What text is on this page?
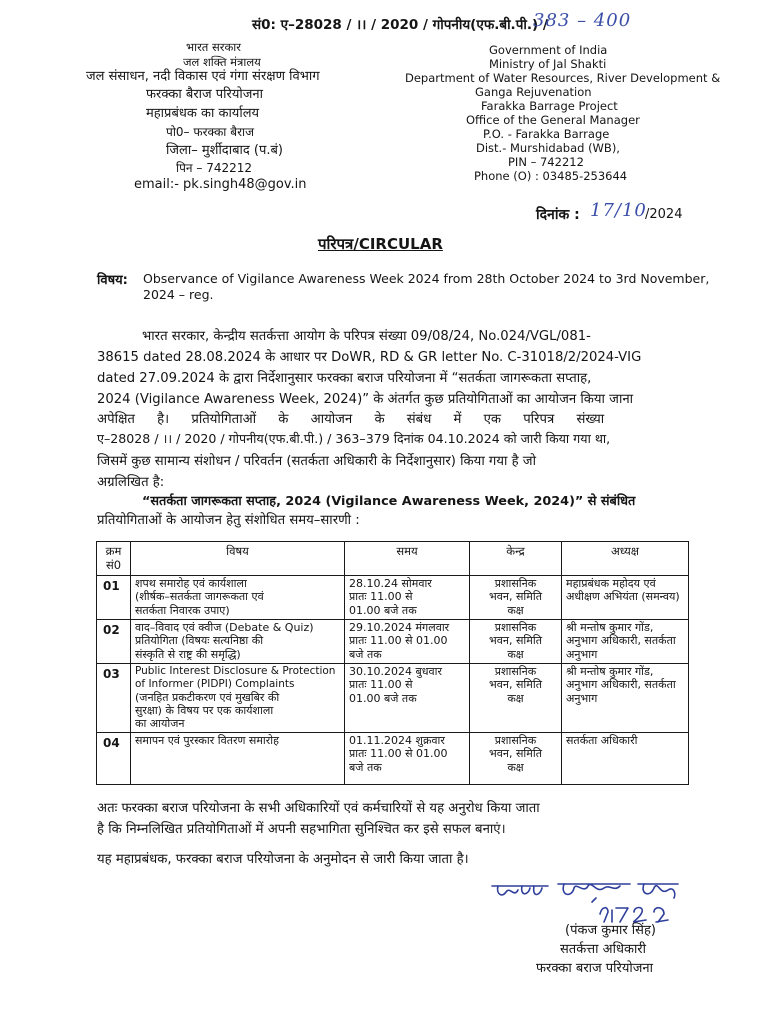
सं0: ए–28028 / ।। / 2020 / गोपनीय(एफ.बी.पी.) /
383 – 400
भारत सरकार
जल शक्ति मंत्रालय
जल संसाधन, नदी विकास एवं गंगा संरक्षण विभाग
फरक्का बैराज परियोजना
महाप्रबंधक का कार्यालय
पो0– फरक्का बैराज
जिला– मुर्शीदाबाद (प.बं)
पिन – 742212
email:- pk.singh48@gov.in
Government of India
Ministry of Jal Shakti
Department of Water Resources, River Development &
Ganga Rejuvenation
Farakka Barrage Project
Office of the General Manager
P.O. - Farakka Barrage
Dist.- Murshidabad (WB),
PIN – 742212
Phone (O) : 03485-253644
दिनांक : 17/10
/2024
परिपत्र/CIRCULAR
विषय: Observance of Vigilance Awareness Week 2024 from 28th October 2024 to 3rd November,
2024 – reg.
भारत सरकार, केन्द्रीय सतर्कत्ता आयोग के परिपत्र संख्या 09/08/24, No.024/VGL/081-
38615 dated 28.08.2024 के आधार पर DoWR, RD & GR letter No. C-31018/2/2024-VIG
dated 27.09.2024 के द्वारा निर्देशानुसार फरक्का बराज परियोजना में “सतर्कता जागरूकता सप्ताह,
2024 (Vigilance Awareness Week, 2024)” के अंतर्गत कुछ प्रतियोगिताओं का आयोजन किया जाना
अपेक्षित है। प्रतियोगिताओं के आयोजन के संबंध में एक परिपत्र संख्या
ए–28028 / ।। / 2020 / गोपनीय(एफ.बी.पी.) / 363–379 दिनांक 04.10.2024 को जारी किया गया था,
जिसमें कुछ सामान्य संशोधन / परिवर्तन (सतर्कता अधिकारी के निर्देशानुसार) किया गया है जो
अग्रलिखित है:
“सतर्कता जागरूकता सप्ताह, 2024 (Vigilance Awareness Week, 2024)” से संबंधित
प्रतियोगिताओं के आयोजन हेतु संशोधित समय–सारणी :
क्रम सं0	विषय	समय	केन्द्र	अध्यक्ष
01	शपथ समारोह एवं कार्यशाला
(शीर्षक–सतर्कता जागरूकता एवं
सतर्कता निवारक उपाए)	28.10.24 सोमवार
प्रातः 11.00 से
01.00 बजे तक	प्रशासनिक
भवन, समिति
कक्ष	महाप्रबंधक महोदय एवं
अधीक्षण अभियंता (समन्वय)

02	वाद–विवाद एवं क्वीज (Debate & Quiz)
प्रतियोगिता (विषयः सत्यनिष्ठा की
संस्कृति से राष्ट्र की समृद्धि)	29.10.2024 मंगलवार
प्रातः 11.00 से 01.00
बजे तक	प्रशासनिक
भवन, समिति
कक्ष	श्री मन्तोष कुमार गोंड,
अनुभाग अधिकारी, सतर्कता
अनुभाग

03	Public Interest Disclosure & Protection
of Informer (PIDPI) Complaints
(जनहित प्रकटीकरण एवं मुखबिर की
सुरक्षा) के विषय पर एक कार्यशाला
का आयोजन	30.10.2024 बुधवार
प्रातः 11.00 से
01.00 बजे तक	प्रशासनिक
भवन, समिति
कक्ष	श्री मन्तोष कुमार गोंड,
अनुभाग अधिकारी, सतर्कता
अनुभाग

04	समापन एवं पुरस्कार वितरण समारोह	01.11.2024 शुक्रवार
प्रातः 11.00 से 01.00
बजे तक	प्रशासनिक
भवन, समिति
कक्ष	सतर्कता अधिकारी
अतः फरक्का बराज परियोजना के सभी अधिकारियों एवं कर्मचारियों से यह अनुरोध किया जाता
है कि निम्नलिखित प्रतियोगिताओं में अपनी सहभागिता सुनिश्चित कर इसे सफल बनाएं।
यह महाप्रबंधक, फरक्का बराज परियोजना के अनुमोदन से जारी किया जाता है।
(पंकज कुमार सिंह)
सतर्कत्ता अधिकारी
फरक्का बराज परियोजना
